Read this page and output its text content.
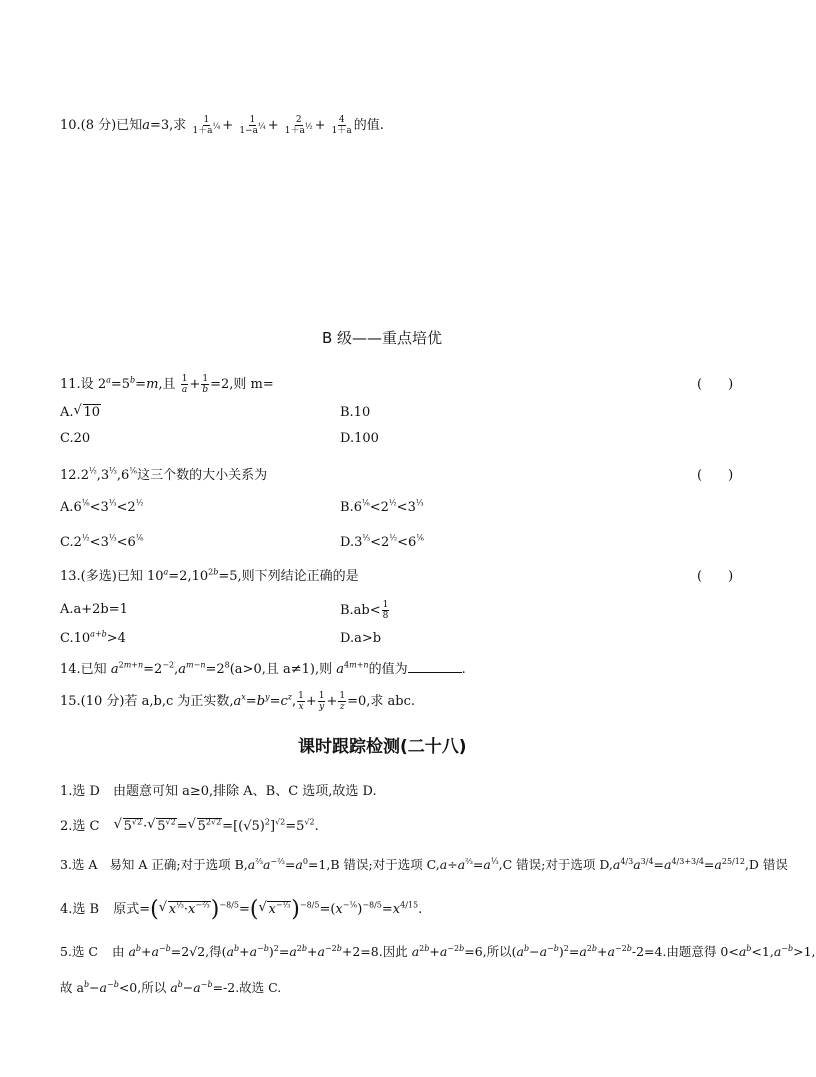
10.(8 分)已知a=3,求 $\frac{1}{1+a^{\frac{1}{4}}} + \frac{1}{1-a^{\frac{1}{4}}} + \frac{2}{1+a^{\frac{1}{2}}} + \frac{4}{1+a}$ 的值.
B 级——重点培优
11.设 $2^a=5^b=m$,且 $\frac{1}{a} + \frac{1}{b} =2$,则 m=	(　　)
A.√ 10	B.10
C.20	D.100
$12.2^{\frac{1}{2}},3^{\frac{1}{3}},6^{\frac{1}{6}}$这三个数的大小关系为	(　　)
$A.6^{\frac{1}{6}}<3^{\frac{1}{3}}<2^{\frac{1}{2}}$	$B.6^{\frac{1}{6}}<2^{\frac{1}{2}}<3^{\frac{1}{3}}$
$C.2^{\frac{1}{2}}<3^{\frac{1}{3}}<6^{\frac{1}{6}}$	$D.3^{\frac{1}{3}}<2^{\frac{1}{2}}<6^{\frac{1}{6}}$
13.(多选)已知 $10^a=2,10^{2b}=5$,则下列结论正确的是	(　　)
A.a+2b=1	$B.ab< \frac{1}{8}$
$C.10^{a+b}>4$	D.a>b
14.已知 $a^{2m+n}=2^{-2},a^{m-n}=2^8(a>0$,且 a≠1),则 $a^{4m+n}$的值为	.
15.(10 分)若 a,b,c 为正实数$,a^x=b^y=c^z$, $\frac{1}{x} + \frac{1}{y} + \frac{1}{z} =0$,求 abc.
课时跟踪检测(二十八)
1.选 D　由题意可知 a≥0,排除 A、B、C 选项,故选 D.
2.选 C √ $5^{√2}\cdot√$ $5^{√2}=√$ $5^{2√2}=[(√5)^2]^{√2}=5^{√2}$.
3.选 A 易知 A 正确;对于选项 $B,a^{\frac{2}{3}}a^{-\frac{2}{3}}=a^0=1,B$ 错误;对于选项 $C,a\div a^{\frac{2}{3}}=a^{\frac{1}{3}},C$ 错误;对于选项 $D,a^{4/3}a^{3/4}=a^{4/3+3/4}=a^{25/12},D$ 错误
4.选 B 原式=(√ $x^{\frac{1}{3}}\cdot x^{-\frac{2}{3}})^{-8/5}=(√$ $x^{-\frac{1}{3}})^{-8/5}=(x^{-\frac{1}{6}})^{-8/5}=x^{4/15}$.
5.选 C 由 $a^b+a^{-b}=2√2$,得$(a^b+a^{-b})^2=a^{2b}+a^{-2b}+2=8$.因此 $a^{2b}+a^{-2b}=6$,所以$(a^b-a^{-b})^2=a^{2b}+a^{-2b}-2=4$.由题意得 $0<a^b<1,a^{-b}>1$,
故 $a^b-a^{-b}<0$,所以 $a^b-a^{-b}=-2$.故选 C.
